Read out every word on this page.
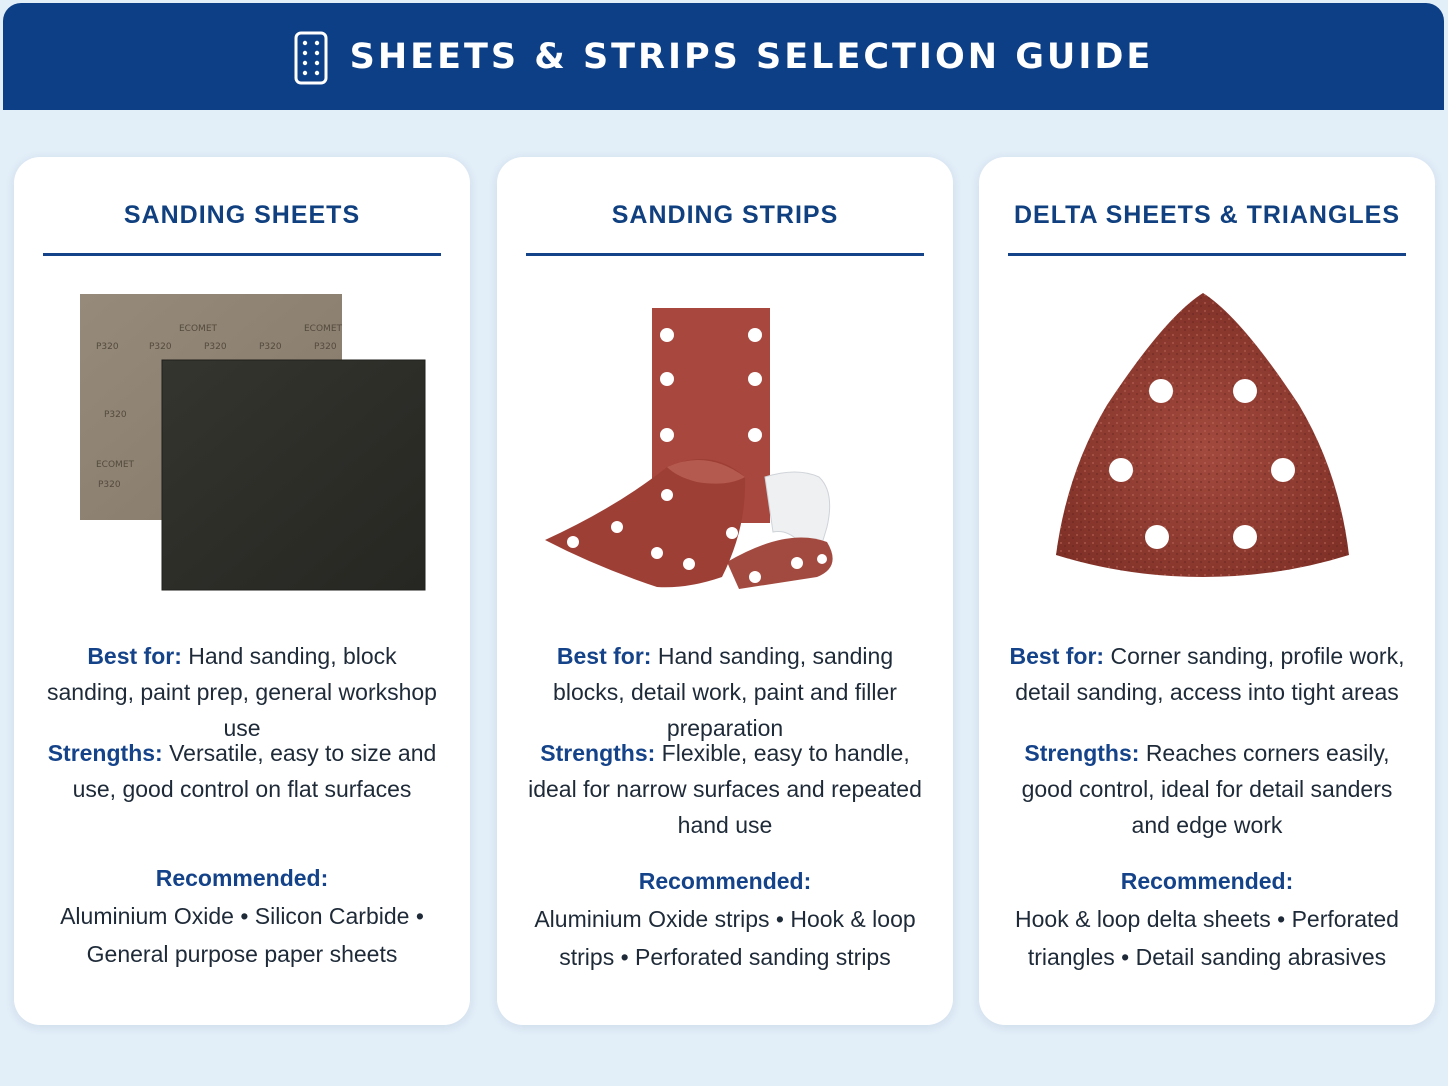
SHEETS & STRIPS SELECTION GUIDE
SANDING SHEETS
P320	P320	P320	P320	P320
ECOMET	ECOMET
P320
ECOMET
P320
Best for: Hand sanding, block sanding, paint prep, general workshop use
Strengths: Versatile, easy to size and use, good control on flat surfaces
Recommended:
Aluminium Oxide • Silicon Carbide • General purpose paper sheets
SANDING STRIPS
Best for: Hand sanding, sanding blocks, detail work, paint and filler preparation
Strengths: Flexible, easy to handle, ideal for narrow surfaces and repeated hand use
Recommended:
Aluminium Oxide strips • Hook & loop strips • Perforated sanding strips
DELTA SHEETS & TRIANGLES
Best for: Corner sanding, profile work, detail sanding, access into tight areas
Strengths: Reaches corners easily, good control, ideal for detail sanders and edge work
Recommended:
Hook & loop delta sheets • Perforated triangles • Detail sanding abrasives
